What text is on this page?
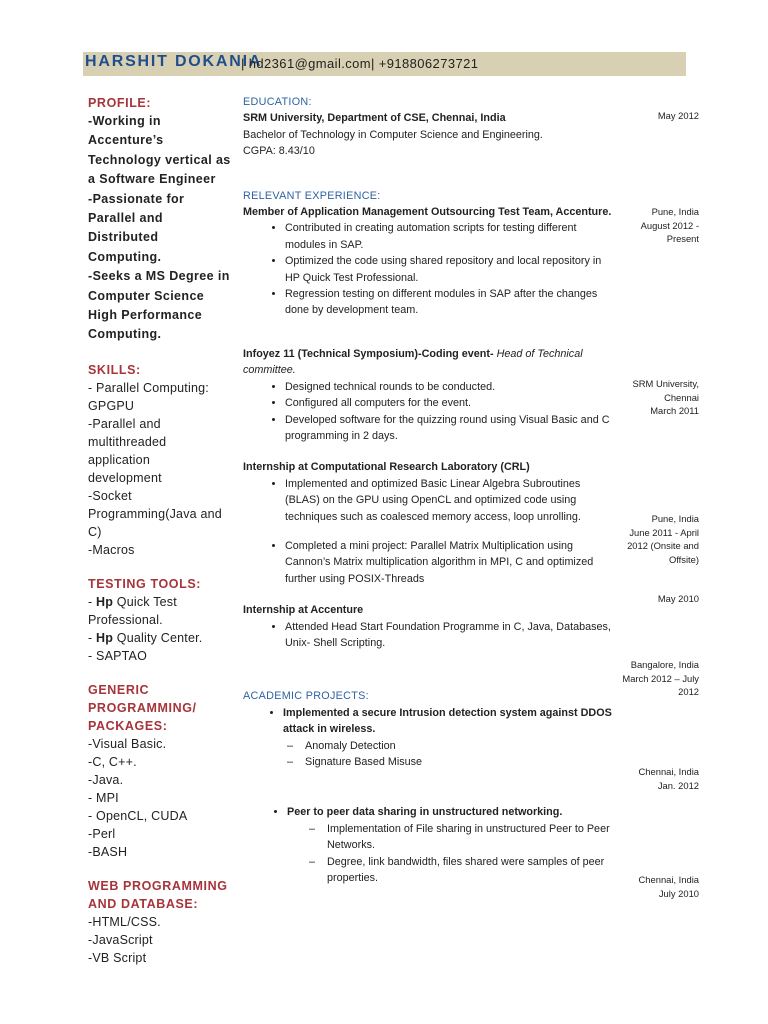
HARSHIT DOKANIA
| hd2361@gmail.com| +918806273721
PROFILE:
-Working in
Accenture’s
Technology vertical as
a Software Engineer
-Passionate for
Parallel and
Distributed
Computing.
-Seeks a MS Degree in
Computer Science
High Performance
Computing.
SKILLS:
- Parallel Computing:
GPGPU
-Parallel and
multithreaded
application
development
-Socket
Programming(Java and
C)
-Macros
TESTING TOOLS:
- Hp Quick Test
Professional.
- Hp Quality Center.
- SAPTAO
GENERIC
PROGRAMMING/
PACKAGES:
-Visual Basic.
-C, C++.
-Java.
- MPI
- OpenCL, CUDA
-Perl
-BASH
WEB PROGRAMMING
AND DATABASE:
-HTML/CSS.
-JavaScript
-VB Script
EDUCATION:
SRM University, Department of CSE, Chennai, India
Bachelor of Technology in Computer Science and Engineering.
CGPA: 8.43/10
RELEVANT EXPERIENCE:
Member of Application Management Outsourcing Test Team, Accenture.
• Contributed in creating automation scripts for testing different modules in SAP.
• Optimized the code using shared repository and local repository in HP Quick Test Professional.
• Regression testing on different modules in SAP after the changes done by development team.
Infoyez 11 (Technical Symposium)-Coding event- Head of Technical committee.
• Designed technical rounds to be conducted.
• Configured all computers for the event.
• Developed software for the quizzing round using Visual Basic and C programming in 2 days.
Internship at Computational Research Laboratory (CRL)
• Implemented and optimized Basic Linear Algebra Subroutines (BLAS) on the GPU using OpenCL and optimized code using techniques such as coalesced memory access, loop unrolling.
• Completed a mini project: Parallel Matrix Multiplication using Cannon’s Matrix multiplication algorithm in MPI, C and optimized further using POSIX-Threads
Internship at Accenture
• Attended Head Start Foundation Programme in C, Java, Databases, Unix- Shell Scripting.
ACADEMIC PROJECTS:
• Implemented a secure Intrusion detection system against DDOS attack in wireless.
– Anomaly Detection
– Signature Based Misuse
• Peer to peer data sharing in unstructured networking.
– Implementation of File sharing in unstructured Peer to Peer Networks.
– Degree, link bandwidth, files shared were samples of peer properties.
May 2012
Pune, India
August 2012 -
Present
SRM University,
Chennai
March 2011
Pune, India
June 2011 - April
2012 (Onsite and
Offsite)
May 2010
Bangalore, India
March 2012 – July
2012
Chennai, India
Jan. 2012
Chennai, India
July 2010
